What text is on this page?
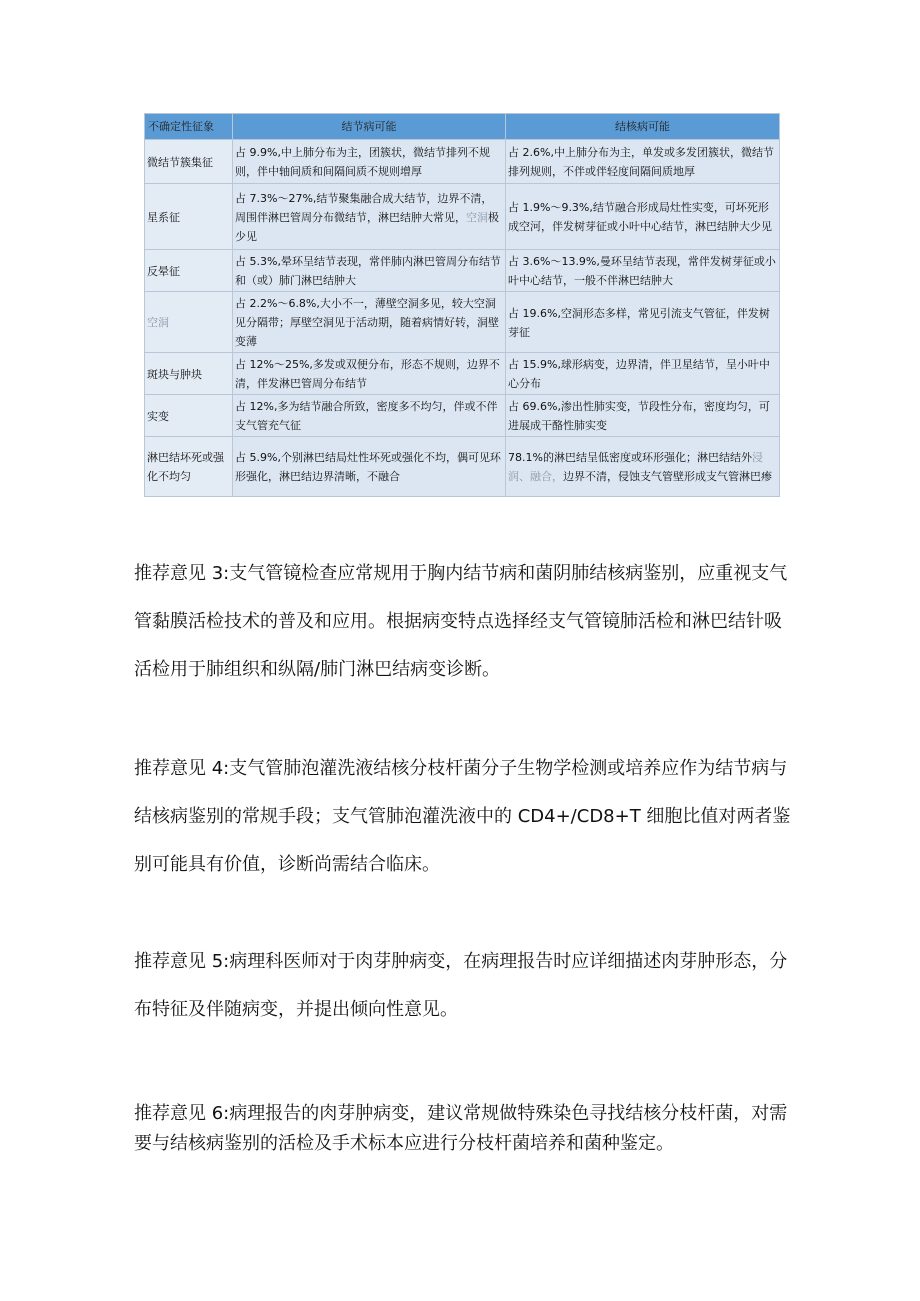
不确定性征象	结节病可能	结核病可能
微结节簇集征	占 9.9%,中上肺分布为主，团簇状，微结节排列不规则，伴中轴间质和间隔间质不规则增厚	占 2.6%,中上肺分布为主，单发或多发团簇状，微结节排列规则，不伴或伴轻度间隔间质地厚
星系征	占 7.3%～27%,结节聚集融合成大结节，边界不清，周围伴淋巴管周分布微结节，淋巴结肿大常见，空洞极少见	占 1.9%～9.3%,结节融合形成局灶性实变，可坏死形成空河，伴发树芽征或小叶中心结节，淋巴结肿大少见
反晕征	占 5.3%,晕环呈结节表现，常伴肺内淋巴管周分布结节和（或）肺门淋巴结肿大	占 3.6%～13.9%,曼环呈结节表现，常伴发树芽征或小叶中心结节，一般不伴淋巴结肿大
空洞	占 2.2%～6.8%,大小不一，薄壁空洞多见，较大空洞见分隔带；厚壁空洞见于活动期，随着病情好转，洞壁变薄	占 19.6%,空洞形态多样，常见引流支气管征，伴发树芽征
斑块与肿块	占 12%～25%,多发或双便分布，形态不规则，边界不清，伴发淋巴管周分布结节	占 15.9%,球形病变，边界清，伴卫星结节，呈小叶中心分布
实变	占 12%,多为结节融合所致，密度多不均匀，伴或不伴支气管充气征	占 69.6%,渗出性肺实变，节段性分布，密度均匀，可进展成干酪性肺实变
淋巴结坏死或强化不均匀	占 5.9%,个别淋巴结局灶性坏死或强化不均，偶可见环形强化，淋巴结边界清晰，不融合	78.1%的淋巴结呈低密度或环形强化；淋巴结结外浸润、融合，边界不清，侵蚀支气管壁形成支气管淋巴瘆
推荐意见 3:支气管镜检查应常规用于胸内结节病和菌阴肺结核病鉴别，应重视支气管黏膜活检技术的普及和应用。根据病变特点选择经支气管镜肺活检和淋巴结针吸活检用于肺组织和纵隔/肺门淋巴结病变诊断。
推荐意见 4:支气管肺泡灌洗液结核分枝杆菌分子生物学检测或培养应作为结节病与结核病鉴别的常规手段；支气管肺泡灌洗液中的 CD4+/CD8+T 细胞比值对两者鉴别可能具有价值，诊断尚需结合临床。
推荐意见 5:病理科医师对于肉芽肿病变，在病理报告时应详细描述肉芽肿形态，分布特征及伴随病变，并提出倾向性意见。
推荐意见 6:病理报告的肉芽肿病变，建议常规做特殊染色寻找结核分枝杆菌，对需要与结核病鉴别的活检及手术标本应进行分枝杆菌培养和菌种鉴定。
